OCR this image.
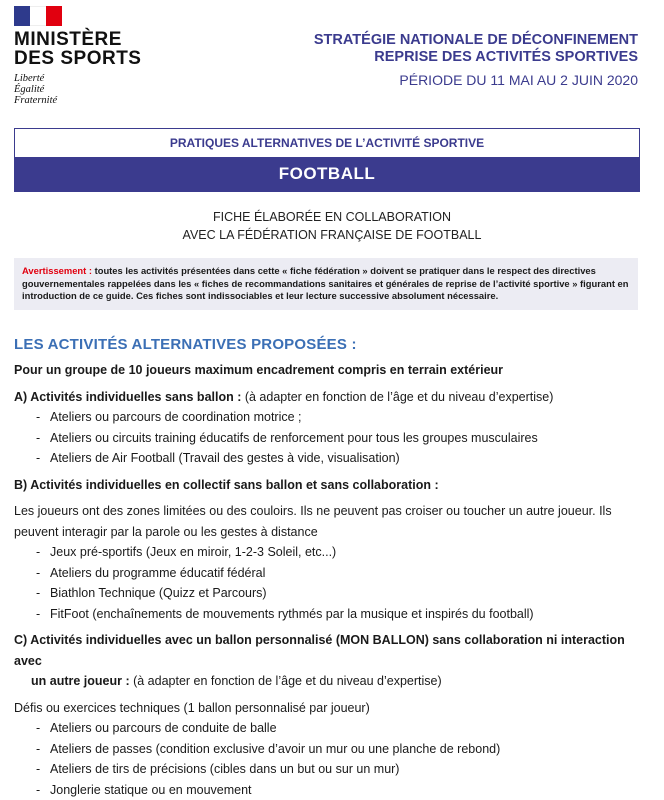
MINISTÈRE
DES SPORTS
Liberté
Égalité
Fraternité
STRATÉGIE NATIONALE DE DÉCONFINEMENT
REPRISE DES ACTIVITÉS SPORTIVES
PÉRIODE DU 11 MAI AU 2 JUIN 2020
PRATIQUES ALTERNATIVES DE L’ACTIVITÉ SPORTIVE
FOOTBALL
FICHE ÉLABORÉE EN COLLABORATION
AVEC LA FÉDÉRATION FRANÇAISE DE FOOTBALL
Avertissement : toutes les activités présentées dans cette « fiche fédération » doivent se pratiquer dans le respect des directives gouvernementales rappelées dans les « fiches de recommandations sanitaires et générales de reprise de l’activité sportive » figurant en introduction de ce guide. Ces fiches sont indissociables et leur lecture successive absolument nécessaire.
LES ACTIVITÉS ALTERNATIVES PROPOSÉES :

Pour un groupe de 10 joueurs maximum encadrement compris en terrain extérieur

A) Activités individuelles sans ballon : (à adapter en fonction de l’âge et du niveau d’expertise)

- Ateliers ou parcours de coordination motrice ;
- Ateliers ou circuits training éducatifs de renforcement pour tous les groupes musculaires
- Ateliers de Air Football (Travail des gestes à vide, visualisation)

B) Activités individuelles en collectif sans ballon et sans collaboration :

Les joueurs ont des zones limitées ou des couloirs. Ils ne peuvent pas croiser ou toucher un autre joueur. Ils

peuvent interagir par la parole ou les gestes à distance

- Jeux pré-sportifs (Jeux en miroir, 1-2-3 Soleil, etc...)
- Ateliers du programme éducatif fédéral
- Biathlon Technique (Quizz et Parcours)
- FitFoot (enchaînements de mouvements rythmés par la musique et inspirés du football)

C) Activités individuelles avec un ballon personnalisé (MON BALLON) sans collaboration ni interaction avec

un autre joueur : (à adapter en fonction de l’âge et du niveau d’expertise)

Défis ou exercices techniques (1 ballon personnalisé par joueur)

- Ateliers ou parcours de conduite de balle
- Ateliers de passes (condition exclusive d’avoir un mur ou une planche de rebond)
- Ateliers de tirs de précisions (cibles dans un but ou sur un mur)
- Jonglerie statique ou en mouvement
